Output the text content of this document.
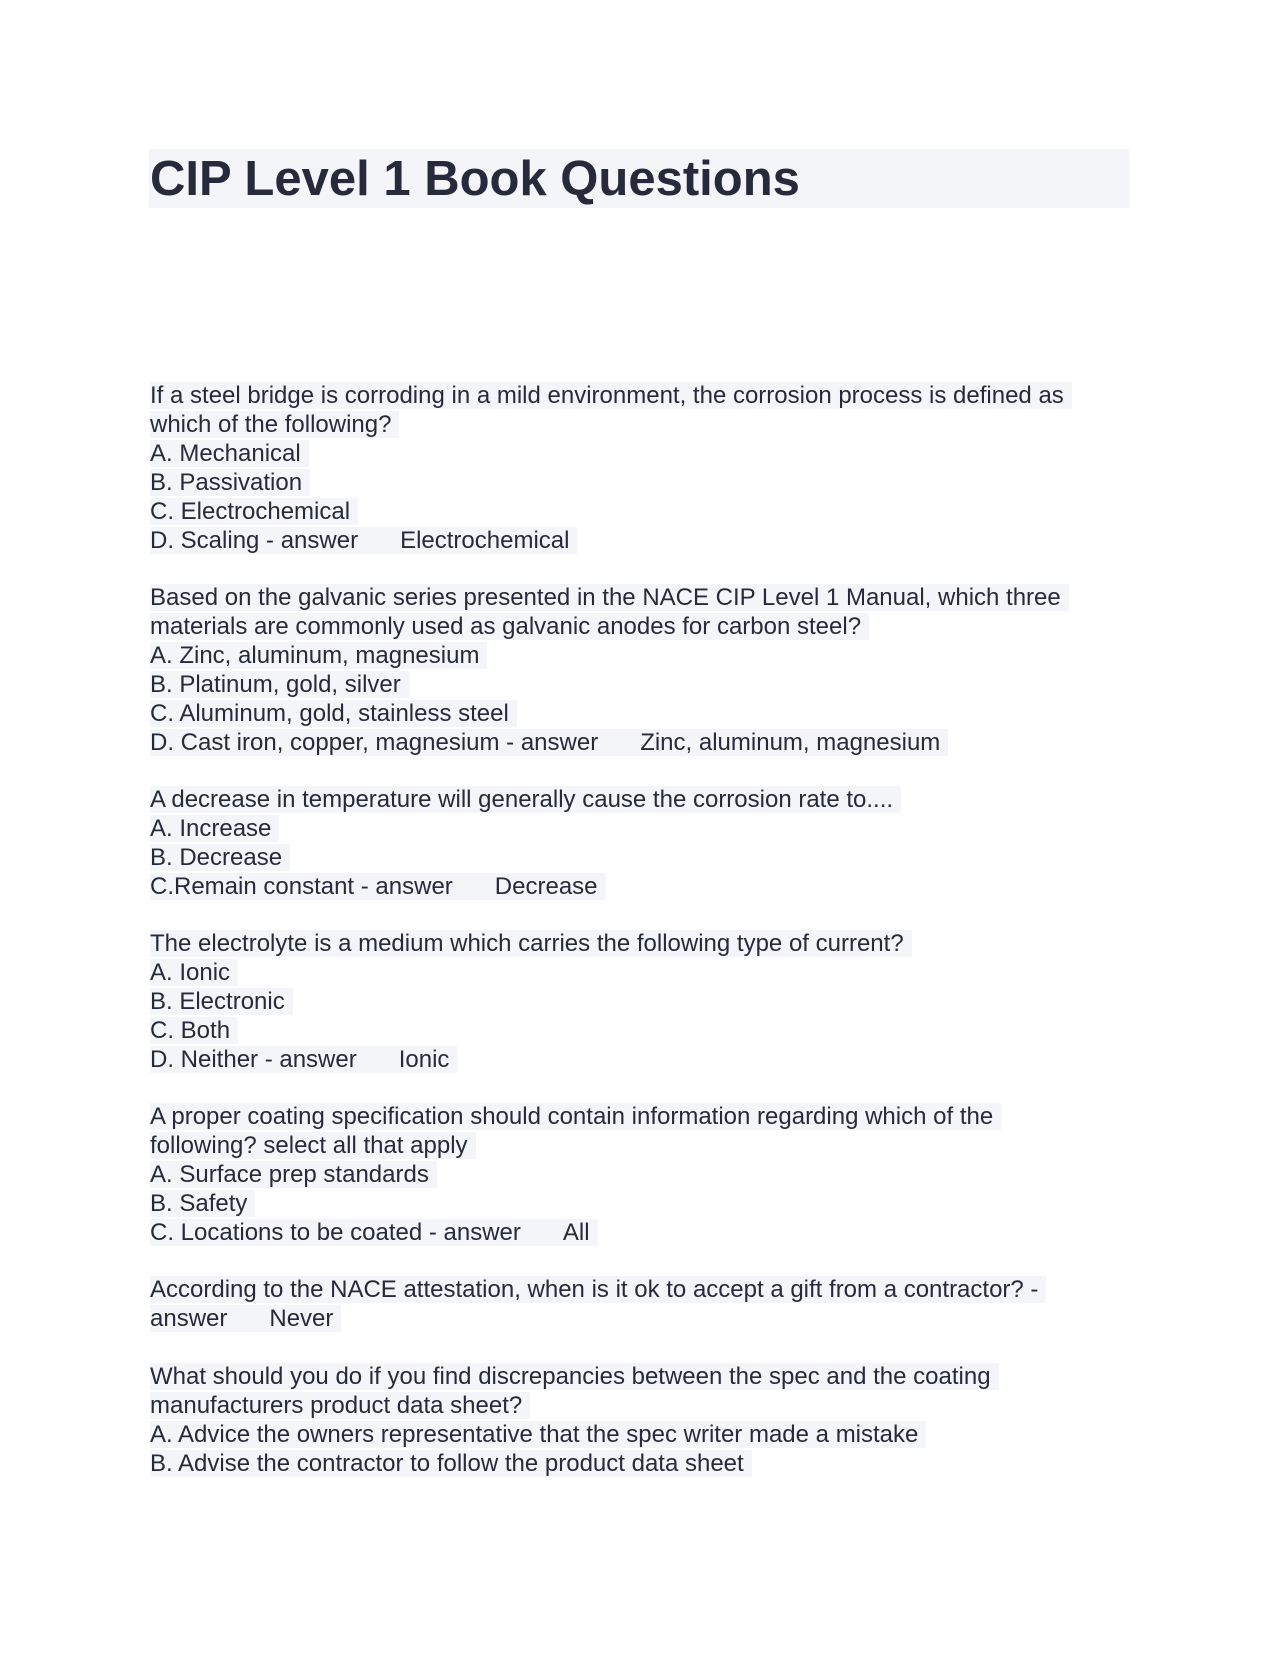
CIP Level 1 Book Questions
If a steel bridge is corroding in a mild environment, the corrosion process is defined as
which of the following?
A. Mechanical
B. Passivation
C. Electrochemical
D. Scaling - answer Electrochemical
Based on the galvanic series presented in the NACE CIP Level 1 Manual, which three
materials are commonly used as galvanic anodes for carbon steel?
A. Zinc, aluminum, magnesium
B. Platinum, gold, silver
C. Aluminum, gold, stainless steel
D. Cast iron, copper, magnesium - answer Zinc, aluminum, magnesium
A decrease in temperature will generally cause the corrosion rate to....
A. Increase
B. Decrease
C.Remain constant - answer Decrease
The electrolyte is a medium which carries the following type of current?
A. Ionic
B. Electronic
C. Both
D. Neither - answer Ionic
A proper coating specification should contain information regarding which of the
following? select all that apply
A. Surface prep standards
B. Safety
C. Locations to be coated - answer All
According to the NACE attestation, when is it ok to accept a gift from a contractor? -
answer Never
What should you do if you find discrepancies between the spec and the coating
manufacturers product data sheet?
A. Advice the owners representative that the spec writer made a mistake
B. Advise the contractor to follow the product data sheet
